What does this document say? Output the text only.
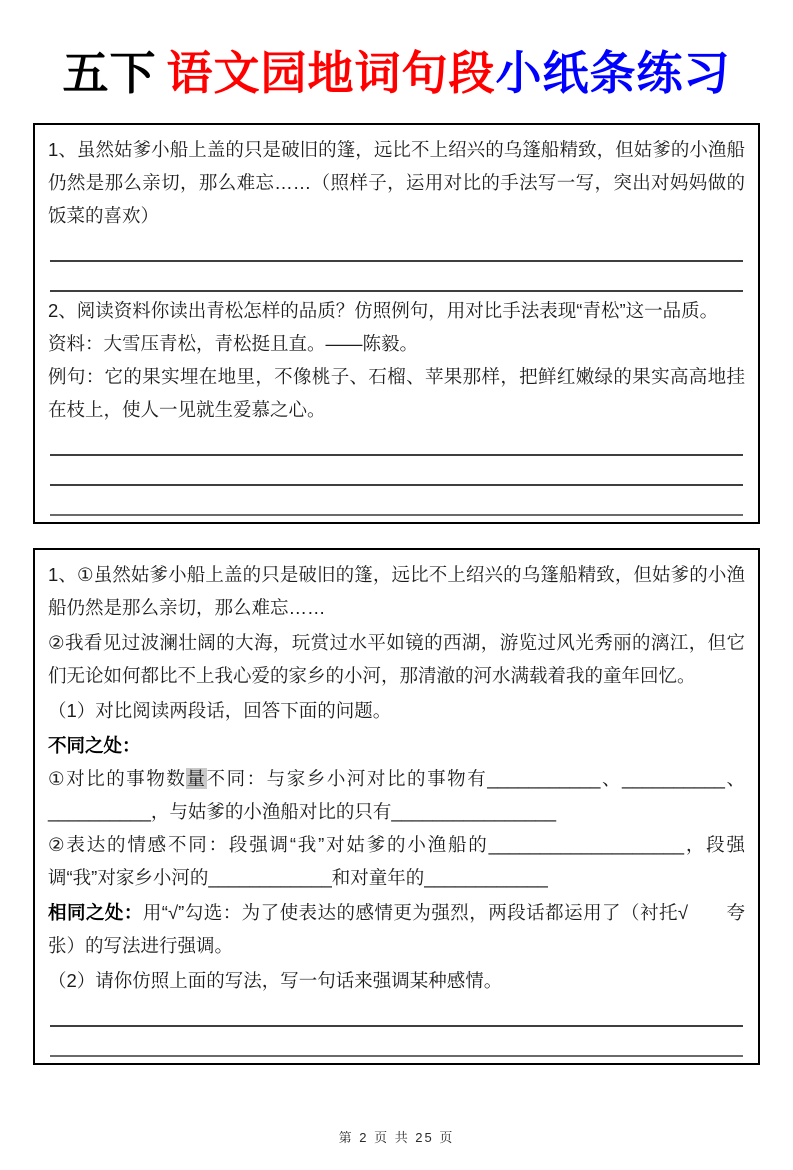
五下 语文园地词句段小纸条练习

1、虽然姑爹小船上盖的只是破旧的篷，远比不上绍兴的乌篷船精致，但姑爹的小渔船仍然是那么亲切，那么难忘……（照样子，运用对比的手法写一写，突出对妈妈做的饭菜的喜欢）

2、阅读资料你读出青松怎样的品质？仿照例句，用对比手法表现“青松”这一品质。

资料：大雪压青松，青松挺且直。——陈毅。

例句：它的果实埋在地里，不像桃子、石榴、苹果那样，把鲜红嫩绿的果实高高地挂在枝上，使人一见就生爱慕之心。

1、①虽然姑爹小船上盖的只是破旧的篷，远比不上绍兴的乌篷船精致，但姑爹的小渔船仍然是那么亲切，那么难忘……

②我看见过波澜壮阔的大海，玩赏过水平如镜的西湖，游览过风光秀丽的漓江，但它们无论如何都比不上我心爱的家乡的小河，那清澈的河水满载着我的童年回忆。

（1）对比阅读两段话，回答下面的问题。

不同之处：

①对比的事物数量不同：与家乡小河对比的事物有___________、__________、__________，与姑爹的小渔船对比的只有________________

②表达的情感不同：段强调“我”对姑爹的小渔船的___________________，段强调“我”对家乡小河的____________和对童年的____________

相同之处：用“√”勾选：为了使表达的感情更为强烈，两段话都运用了（衬托√　　夸张）的写法进行强调。

（2）请你仿照上面的写法，写一句话来强调某种感情。

第 2 页 共 25 页
